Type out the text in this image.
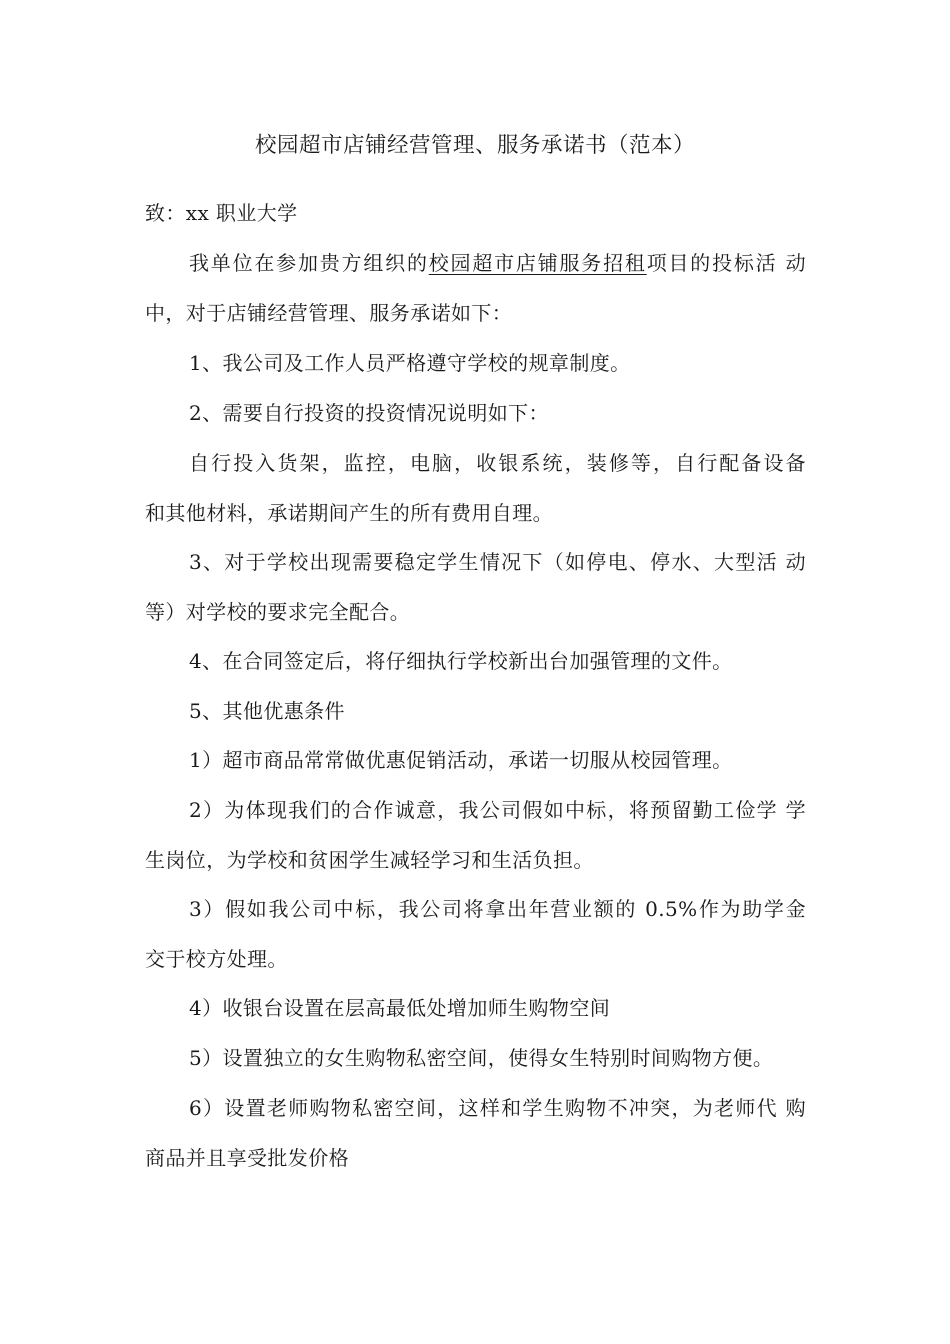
校园超市店铺经营管理、服务承诺书（范本）
致：xx 职业大学
我单位在参加贵方组织的校园超市店铺服务招租项目的投标活 动
中，对于店铺经营管理、服务承诺如下：
1、我公司及工作人员严格遵守学校的规章制度。
2、需要自行投资的投资情况说明如下：
自行投入货架，监控，电脑，收银系统，装修等，自行配备设备
和其他材料，承诺期间产生的所有费用自理。
3、对于学校出现需要稳定学生情况下（如停电、停水、大型活 动
等）对学校的要求完全配合。
4、在合同签定后，将仔细执行学校新出台加强管理的文件。
5、其他优惠条件
1）超市商品常常做优惠促销活动，承诺一切服从校园管理。
2）为体现我们的合作诚意，我公司假如中标，将预留勤工俭学 学
生岗位，为学校和贫困学生减轻学习和生活负担。
3）假如我公司中标，我公司将拿出年营业额的 0.5%作为助学金
交于校方处理。
4）收银台设置在层高最低处增加师生购物空间
5）设置独立的女生购物私密空间，使得女生特别时间购物方便。
6）设置老师购物私密空间，这样和学生购物不冲突，为老师代 购
商品并且享受批发价格
